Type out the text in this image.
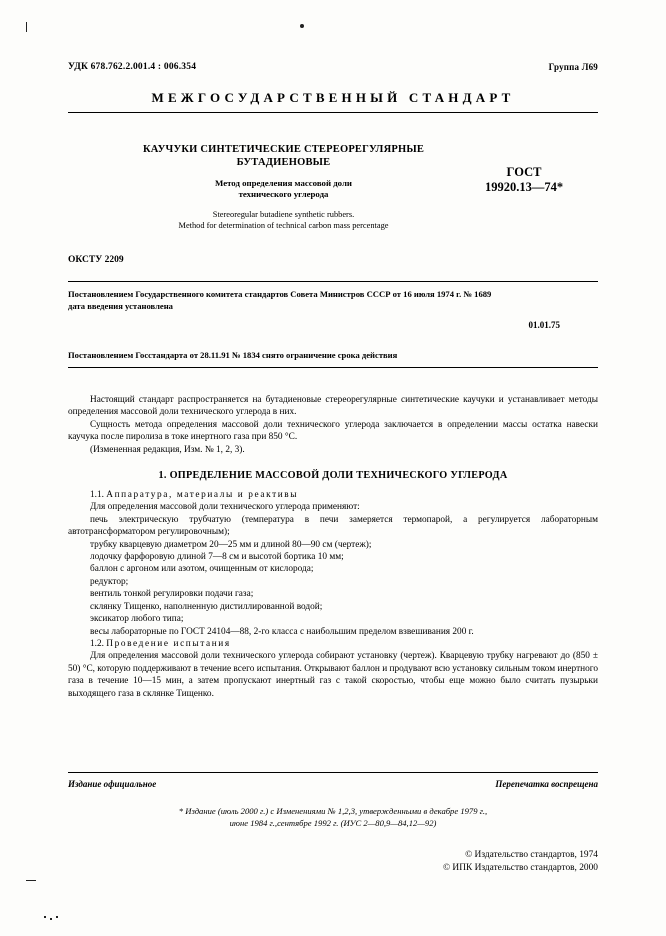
УДК 678.762.2.001.4 : 006.354	Группа Л69
МЕЖГОСУДАРСТВЕННЫЙ СТАНДАРТ
КАУЧУКИ СИНТЕТИЧЕСКИЕ СТЕРЕОРЕГУЛЯРНЫЕ
БУТАДИЕНОВЫЕ
Метод определения массовой доли
технического углерода
Stereoregular butadiene synthetic rubbers.
Method for determination of technical carbon mass percentage
ГОСТ
19920.13—74*
ОКСТУ 2209
Постановлением Государственного комитета стандартов Совета Министров СССР от 16 июля 1974 г. № 1689
дата введения установлена
01.01.75
Постановлением Госстандарта от 28.11.91 № 1834 снято ограничение срока действия

Настоящий стандарт распространяется на бутадиеновые стереорегулярные синтетические каучуки и устанавливает методы определения массовой доли технического углерода в них.

Сущность метода определения массовой доли технического углерода заключается в определении массы остатка навески каучука после пиролиза в токе инертного газа при 850 °C.

(Измененная редакция, Изм. № 1, 2, 3).

1. ОПРЕДЕЛЕНИЕ МАССОВОЙ ДОЛИ ТЕХНИЧЕСКОГО УГЛЕРОДА

1.1. Аппаратура, материалы и реактивы

Для определения массовой доли технического углерода применяют:

печь электрическую трубчатую (температура в печи замеряется термопарой, а регулируется лабораторным автотрансформатором регулировочным);

трубку кварцевую диаметром 20—25 мм и длиной 80—90 см (чертеж);

лодочку фарфоровую длиной 7—8 см и высотой бортика 10 мм;

баллон с аргоном или азотом, очищенным от кислорода;

редуктор;

вентиль тонкой регулировки подачи газа;

склянку Тищенко, наполненную дистиллированной водой;

эксикатор любого типа;

весы лабораторные по ГОСТ 24104—88, 2-го класса с наибольшим пределом взвешивания 200 г.

1.2. Проведение испытания

Для определения массовой доли технического углерода собирают установку (чертеж). Кварцевую трубку нагревают до (850 ± 50) °C, которую поддерживают в течение всего испытания. Открывают баллон и продувают всю установку сильным током инертного газа в течение 10—15 мин, а затем пропускают инертный газ с такой скоростью, чтобы еще можно было считать пузырьки выходящего газа в склянке Тищенко.

Издание официальное	Перепечатка воспрещена
* Издание (июль 2000 г.) с Изменениями № 1,2,3, утвержденными в декабре 1979 г.,
июне 1984 г.,сентябре 1992 г. (ИУС 2—80,9—84,12—92)
© Издательство стандартов, 1974
© ИПК Издательство стандартов, 2000
